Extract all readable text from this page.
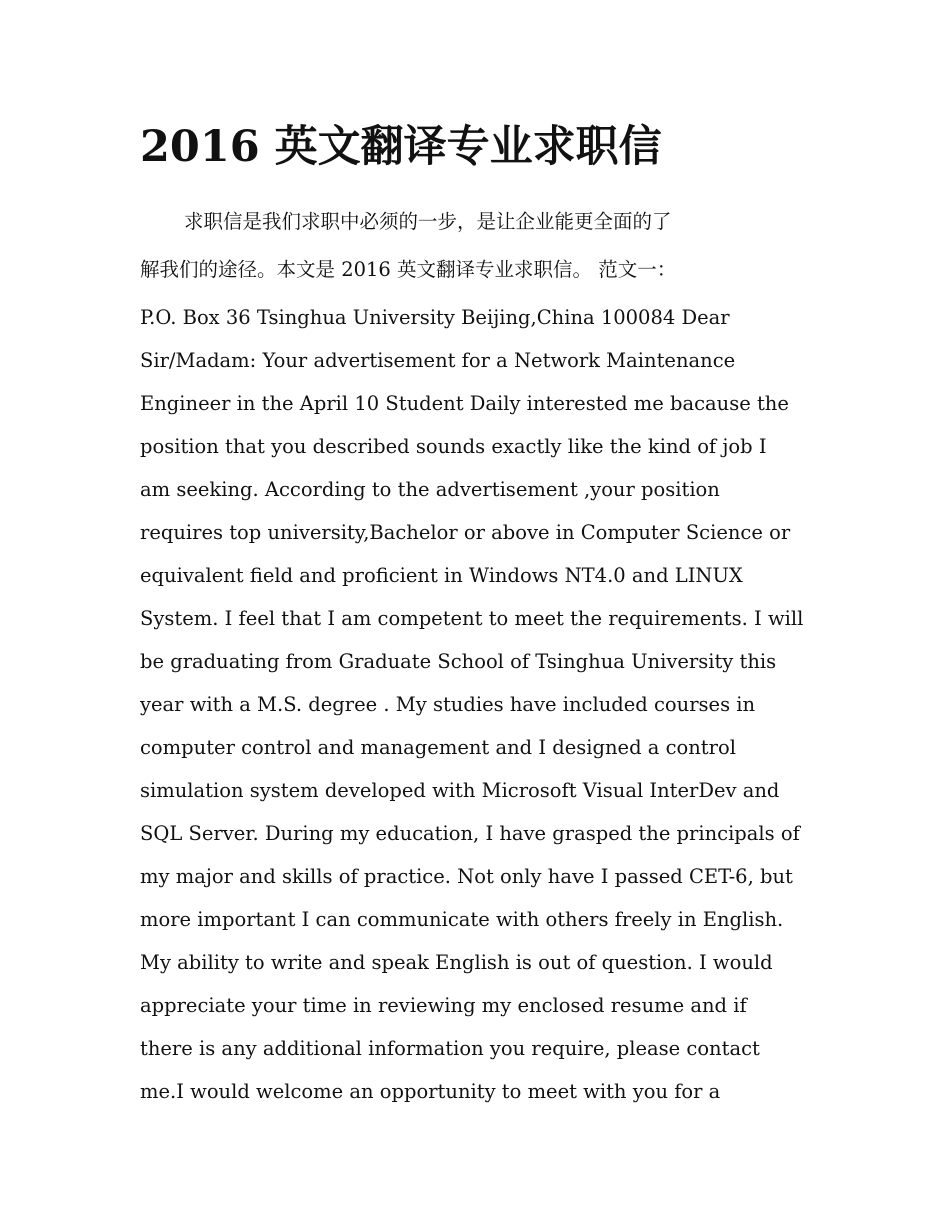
2016 英文翻译专业求职信
求职信是我们求职中必须的一步，是让企业能更全面的了
解我们的途径。本文是 2016 英文翻译专业求职信。 范文一：
P.O. Box 36 Tsinghua University Beijing,China 100084 Dear
Sir/Madam: Your advertisement for a Network Maintenance
Engineer in the April 10 Student Daily interested me bacause the
position that you described sounds exactly like the kind of job I
am seeking. According to the advertisement ,your position
requires top university,Bachelor or above in Computer Science or
equivalent field and proficient in Windows NT4.0 and LINUX
System. I feel that I am competent to meet the requirements. I will
be graduating from Graduate School of Tsinghua University this
year with a M.S. degree . My studies have included courses in
computer control and management and I designed a control
simulation system developed with Microsoft Visual InterDev and
SQL Server. During my education, I have grasped the principals of
my major and skills of practice. Not only have I passed CET-6, but
more important I can communicate with others freely in English.
My ability to write and speak English is out of question. I would
appreciate your time in reviewing my enclosed resume and if
there is any additional information you require, please contact
me.I would welcome an opportunity to meet with you for a
